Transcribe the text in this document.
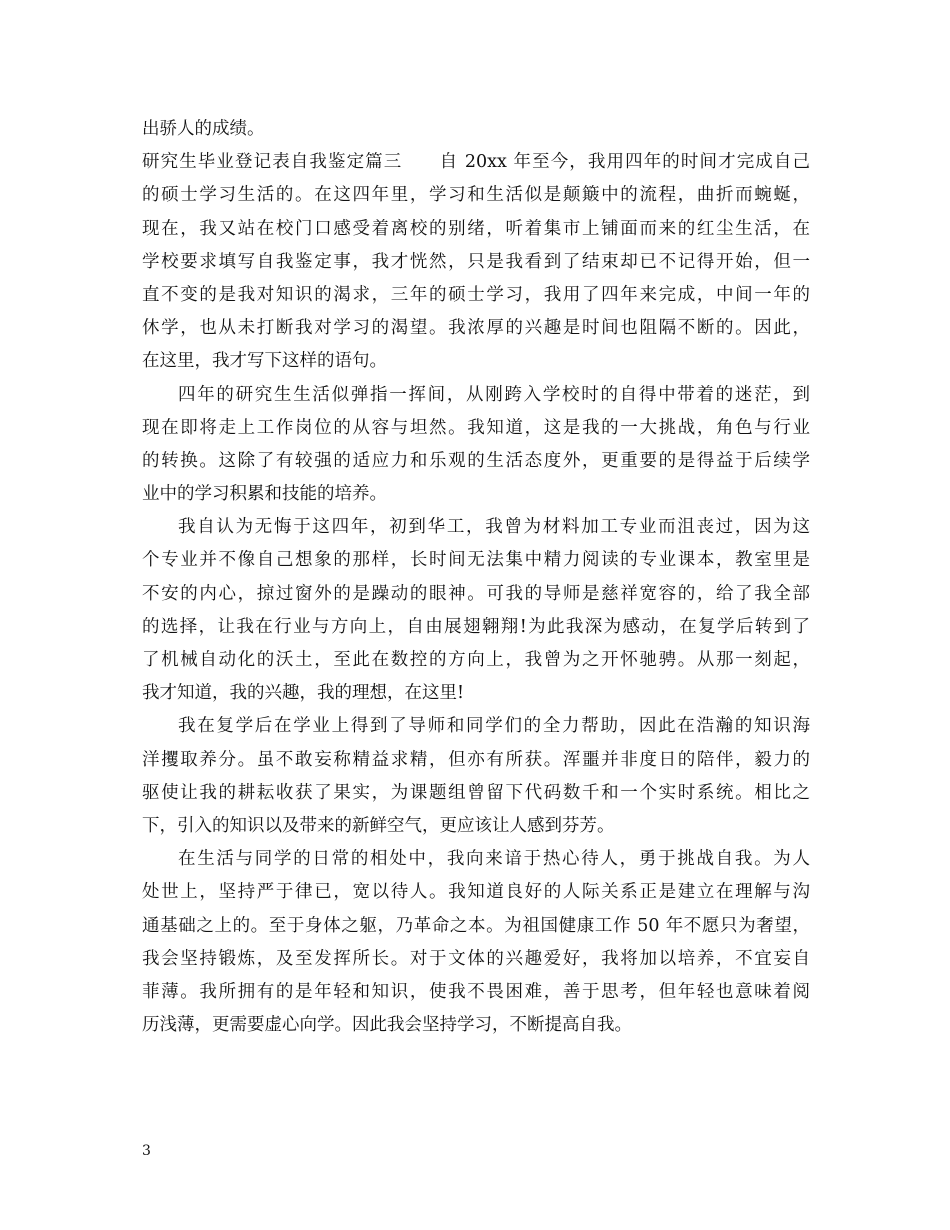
出骄人的成绩。
研究生毕业登记表自我鉴定篇三　　自 20xx 年至今，我用四年的时间才完成自己
的硕士学习生活的。在这四年里，学习和生活似是颠簸中的流程，曲折而蜿蜒，
现在，我又站在校门口感受着离校的别绪，听着集市上铺面而来的红尘生活，在
学校要求填写自我鉴定事，我才恍然，只是我看到了结束却已不记得开始，但一
直不变的是我对知识的渴求，三年的硕士学习，我用了四年来完成，中间一年的
休学，也从未打断我对学习的渴望。我浓厚的兴趣是时间也阻隔不断的。因此，
在这里，我才写下这样的语句。
四年的研究生生活似弹指一挥间，从刚跨入学校时的自得中带着的迷茫，到
现在即将走上工作岗位的从容与坦然。我知道，这是我的一大挑战，角色与行业
的转换。这除了有较强的适应力和乐观的生活态度外，更重要的是得益于后续学
业中的学习积累和技能的培养。
我自认为无悔于这四年，初到华工，我曾为材料加工专业而沮丧过，因为这
个专业并不像自己想象的那样，长时间无法集中精力阅读的专业课本，教室里是
不安的内心，掠过窗外的是躁动的眼神。可我的导师是慈祥宽容的，给了我全部
的选择，让我在行业与方向上，自由展翅翱翔!为此我深为感动，在复学后转到了
了机械自动化的沃土，至此在数控的方向上，我曾为之开怀驰骋。从那一刻起，
我才知道，我的兴趣，我的理想，在这里!
我在复学后在学业上得到了导师和同学们的全力帮助，因此在浩瀚的知识海
洋攫取养分。虽不敢妄称精益求精，但亦有所获。浑噩并非度日的陪伴，毅力的
驱使让我的耕耘收获了果实，为课题组曾留下代码数千和一个实时系统。相比之
下，引入的知识以及带来的新鲜空气，更应该让人感到芬芳。
在生活与同学的日常的相处中，我向来谙于热心待人，勇于挑战自我。为人
处世上，坚持严于律已，宽以待人。我知道良好的人际关系正是建立在理解与沟
通基础之上的。至于身体之躯，乃革命之本。为祖国健康工作 50 年不愿只为奢望，
我会坚持锻炼，及至发挥所长。对于文体的兴趣爱好，我将加以培养，不宜妄自
菲薄。我所拥有的是年轻和知识，使我不畏困难，善于思考，但年轻也意味着阅
历浅薄，更需要虚心向学。因此我会坚持学习，不断提高自我。
3
